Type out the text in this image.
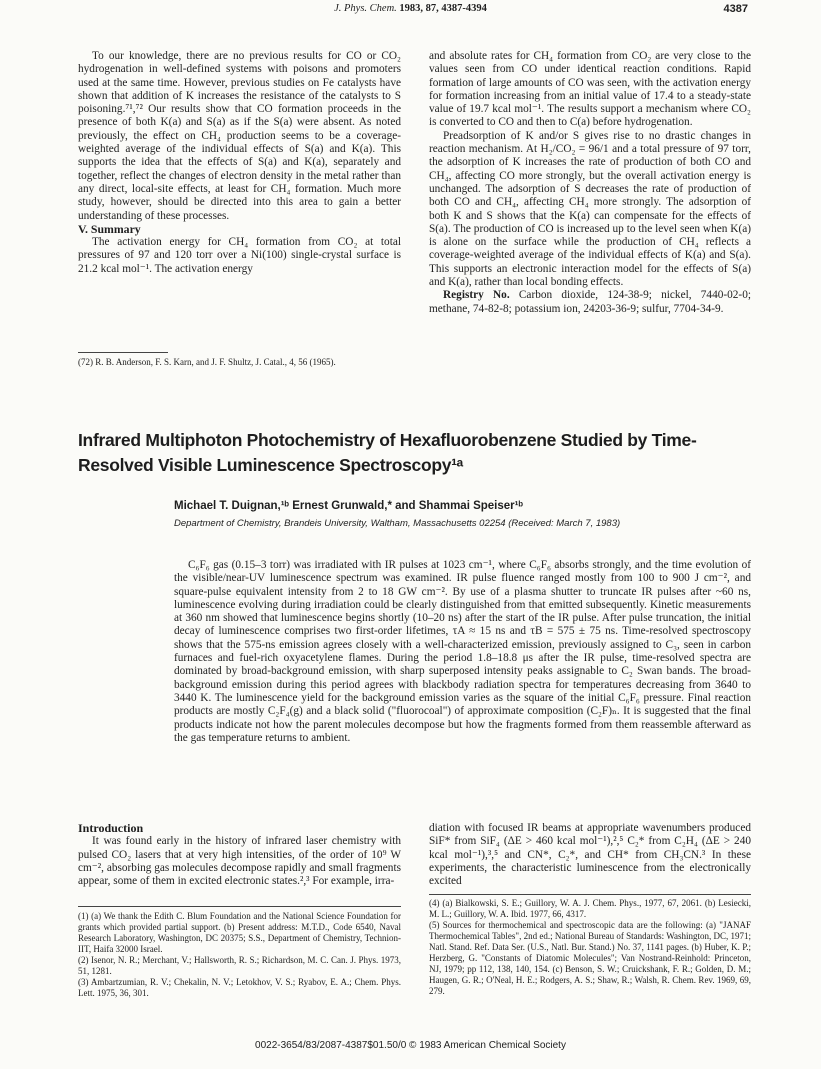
J. Phys. Chem. 1983, 87, 4387-4394	4387

To our knowledge, there are no previous results for CO or CO₂ hydrogenation in well-defined systems with poisons and promoters used at the same time. However, previous studies on Fe catalysts have shown that addition of K increases the resistance of the catalysts to S poisoning.⁷¹,⁷² Our results show that CO formation proceeds in the presence of both K(a) and S(a) as if the S(a) were absent. As noted previously, the effect on CH₄ production seems to be a coverage-weighted average of the individual effects of S(a) and K(a). This supports the idea that the effects of S(a) and K(a), separately and together, reflect the changes of electron density in the metal rather than any direct, local-site effects, at least for CH₄ formation. Much more study, however, should be directed into this area to gain a better understanding of these processes.

V. Summary

The activation energy for CH₄ formation from CO₂ at total pressures of 97 and 120 torr over a Ni(100) single-crystal surface is 21.2 kcal mol⁻¹. The activation energy

(72) R. B. Anderson, F. S. Karn, and J. F. Shultz, J. Catal., 4, 56 (1965).

and absolute rates for CH₄ formation from CO₂ are very close to the values seen from CO under identical reaction conditions. Rapid formation of large amounts of CO was seen, with the activation energy for formation increasing from an initial value of 17.4 to a steady-state value of 19.7 kcal mol⁻¹. The results support a mechanism where CO₂ is converted to CO and then to C(a) before hydrogenation.

Preadsorption of K and/or S gives rise to no drastic changes in reaction mechanism. At H₂/CO₂ = 96/1 and a total pressure of 97 torr, the adsorption of K increases the rate of production of both CO and CH₄, affecting CO more strongly, but the overall activation energy is unchanged. The adsorption of S decreases the rate of production of both CO and CH₄, affecting CH₄ more strongly. The adsorption of both K and S shows that the K(a) can compensate for the effects of S(a). The production of CO is increased up to the level seen when K(a) is alone on the surface while the production of CH₄ reflects a coverage-weighted average of the individual effects of K(a) and S(a). This supports an electronic interaction model for the effects of S(a) and K(a), rather than local bonding effects.

Registry No. Carbon dioxide, 124-38-9; nickel, 7440-02-0; methane, 74-82-8; potassium ion, 24203-36-9; sulfur, 7704-34-9.

Infrared Multiphoton Photochemistry of Hexafluorobenzene Studied by Time-Resolved Visible Luminescence Spectroscopy¹ᵃ
Michael T. Duignan,¹ᵇ Ernest Grunwald,* and Shammai Speiser¹ᵇ
Department of Chemistry, Brandeis University, Waltham, Massachusetts 02254 (Received: March 7, 1983)

C₆F₆ gas (0.15–3 torr) was irradiated with IR pulses at 1023 cm⁻¹, where C₆F₆ absorbs strongly, and the time evolution of the visible/near-UV luminescence spectrum was examined. IR pulse fluence ranged mostly from 100 to 900 J cm⁻², and square-pulse equivalent intensity from 2 to 18 GW cm⁻². By use of a plasma shutter to truncate IR pulses after ~60 ns, luminescence evolving during irradiation could be clearly distinguished from that emitted subsequently. Kinetic measurements at 360 nm showed that luminescence begins shortly (10–20 ns) after the start of the IR pulse. After pulse truncation, the initial decay of luminescence comprises two first-order lifetimes, τA ≈ 15 ns and τB = 575 ± 75 ns. Time-resolved spectroscopy shows that the 575-ns emission agrees closely with a well-characterized emission, previously assigned to C₃, seen in carbon furnaces and fuel-rich oxyacetylene flames. During the period 1.8–18.8 μs after the IR pulse, time-resolved spectra are dominated by broad-background emission, with sharp superposed intensity peaks assignable to C₂ Swan bands. The broad-background emission during this period agrees with blackbody radiation spectra for temperatures decreasing from 3640 to 3440 K. The luminescence yield for the background emission varies as the square of the initial C₆F₆ pressure. Final reaction products are mostly C₂F₄(g) and a black solid ("fluorocoal") of approximate composition (C₂F)ₙ. It is suggested that the final products indicate not how the parent molecules decompose but how the fragments formed from them reassemble afterward as the gas temperature returns to ambient.

Introduction

It was found early in the history of infrared laser chemistry with pulsed CO₂ lasers that at very high intensities, of the order of 10⁹ W cm⁻², absorbing gas molecules decompose rapidly and small fragments appear, some of them in excited electronic states.²,³ For example, irra-

diation with focused IR beams at appropriate wavenumbers produced SiF* from SiF₄ (ΔE > 460 kcal mol⁻¹),²,⁵ C₂* from C₂H₄ (ΔE > 240 kcal mol⁻¹),³,⁵ and CN*, C₂*, and CH* from CH₃CN.³ In these experiments, the characteristic luminescence from the electronically excited

(1) (a) We thank the Edith C. Blum Foundation and the National Science Foundation for grants which provided partial support. (b) Present address: M.T.D., Code 6540, Naval Research Laboratory, Washington, DC 20375; S.S., Department of Chemistry, Technion-IIT, Haifa 32000 Israel.

(2) Isenor, N. R.; Merchant, V.; Hallsworth, R. S.; Richardson, M. C. Can. J. Phys. 1973, 51, 1281.

(3) Ambartzumian, R. V.; Chekalin, N. V.; Letokhov, V. S.; Ryabov, E. A.; Chem. Phys. Lett. 1975, 36, 301.

(4) (a) Bialkowski, S. E.; Guillory, W. A. J. Chem. Phys., 1977, 67, 2061. (b) Lesiecki, M. L.; Guillory, W. A. Ibid. 1977, 66, 4317.

(5) Sources for thermochemical and spectroscopic data are the following: (a) "JANAF Thermochemical Tables", 2nd ed.; National Bureau of Standards: Washington, DC, 1971; Natl. Stand. Ref. Data Ser. (U.S., Natl. Bur. Stand.) No. 37, 1141 pages. (b) Huber, K. P.; Herzberg, G. "Constants of Diatomic Molecules"; Van Nostrand-Reinhold: Princeton, NJ, 1979; pp 112, 138, 140, 154. (c) Benson, S. W.; Cruickshank, F. R.; Golden, D. M.; Haugen, G. R.; O'Neal, H. E.; Rodgers, A. S.; Shaw, R.; Walsh, R. Chem. Rev. 1969, 69, 279.

0022-3654/83/2087-4387$01.50/0 © 1983 American Chemical Society
